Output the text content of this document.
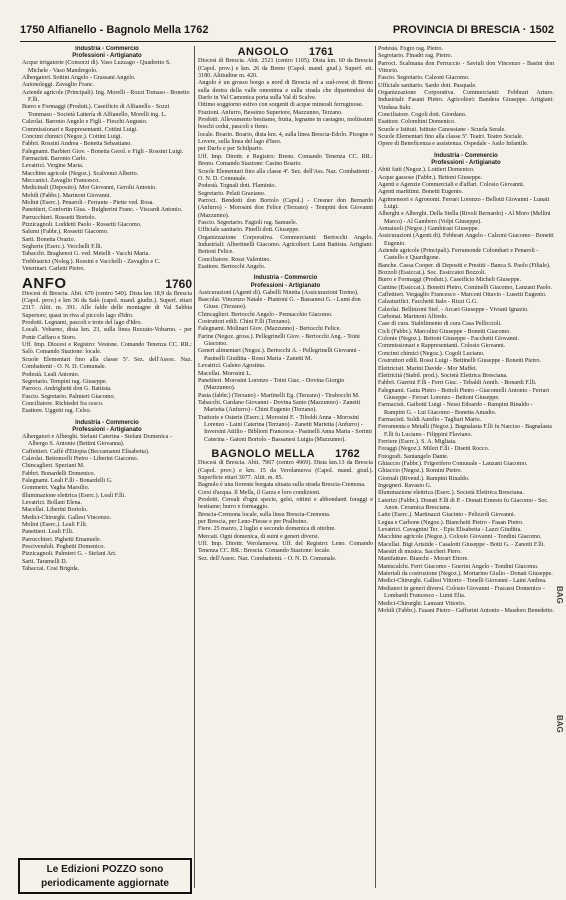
1750 Alfianello - Bagnolo Mella 1762	PROVINCIA DI BRESCIA · 1502
Industria - Commercio
Professioni - Artigianato
Acque irrigatorie (Consorzi di). Vaso Luzzago - Quadretto S. Michele - Vaso Mandregolo.
Albergatori. Sottini Angelo - Grassani Angelo.
Autonoleggi. Zavaglio Franc.
Aziende agricole (Principali). Ing. Morelli - Rozzi Tomaso - Bonetto F.lli.
Burro e Formaggi (Produtt.). Caseificio di Alfianello - Sozzi Tommaso - Società Lattería di Alfianello, Morelli ing. L.
Calzolai. Baronio Angelo e Figli - Fieschi Augusto.
Commissionari e Rappresentanti. Cottini Luigi.
Concimi chimici (Negoz.). Cottini Luigi.
Fabbri. Rossini Andrea - Bonetta Sebastiano.
Falegnami. Barbieri Giov. - Bonetta Gerol. e Figli - Rossini Luigi.
Farmacisti. Baronio Carlo.
Levatrici. Vergine Maria.
Macchine agricole (Negoz.). Scalvenzi Alberto.
Meccanici. Zavaglio Francesco.
Medicinali (Deposito). Mor Giovanni, Gerolti Antonio.
Mobili (Fabbr.). Marinoni Giovanni.
Molini (Eserc.). Penaroli - Ferrante - Piette ved. Rosa.
Panettieri, Confortin Gisa. - Bulgherini Franc. - Viscardi Antonio.
Parrucchieri. Rossetti Bortolo.
Pizzicagnoli. Loddetti Paolo - Rossetti Giacomo.
Salumi (Fabbr.). Rossetti Giacomo.
Sarti. Bonetta Orazio.
Segherie (Eserc.). Vecchelli F.lli.
Tabacchi. Braghenoi G. ved. Metelli - Vacchi Maria.
Trebbiatrici (Noleg.). Rossini e Vacchelli - Zavaglio e C.
Veterinari. Carletti Pietro.
ANFO	1760
Diocesi di Brescia. Abit. 670 (centro 549). Dista km 18,9 da Brescia (Capol. prov.) e km 36 da Salò (capol. mand. giudiz.). Superf. ettari 2317. Altit. m. 391. Alle falde delle montagne di Val Sabbia Superiore, quasi in riva al piccolo lago d'Idro.
Prodotti. Legnami, pascoli e trote del lago d'Idro.
Locali. Vobarno, dista km. 23, sulla linea Rezzato-Vobarno. - per Ponte Caffaro e Storo.
Uff. Imp. Diocesi e Registro: Vestone. Comando Tenenza CC. RR.: Salò. Comando Stazione: locale.
Scuole Elementari fino alla classe 5ª. Sez. dell'Assoc. Naz. Combattenti - O. N. D. Comunale.
Podestà. Leali Antonio.
Segretario. Tempini rag. Giuseppe.
Parroco. Andrighetti don G. Battista.
Fascio. Segretario. Palmieri Giacomo.
Conciliatore. Richiedei fra cesco.
Esattore. Uggetti rag. Celso.
Industria - Commercio
Professioni - Artigianato
Albergatori e Alberghi. Stefani Caterina - Stefani Domenica - Albergo S. Antonio (Bettini Giovanna).
Caffettieri. Caffè d'Etiopia (Beccamanni Elisabetta).
Calzolai. Bettoncelli Pietro - Liberini Giacomo.
Chincaglieri. Speziani M.
Fabbri. Bonardelli Domenico.
Falegnami. Leali F.lli - Bonardelli G.
Gommetri. Vaglia Marsilio.
Illuminazione elettrica (Eserc.). Leali F.lli.
Levatrici. Bollani Elena.
Macellai. Liberini Bortolo.
Medici-Chirurghi. Gallesi Vincenzo.
Molini (Eserc.). Leali F.lli.
Panettieri. Leali F.lli.
Parrucchieri. Pighetti Emanuele.
Pescivendoli. Poghetti Domenico.
Pizzicagnoli. Palmieri G. - Stefani Art.
Sarti. Taramelli D.
Tabaccai. Cosi Brigida.
ANGOLO 1761
Diocesi di Brescia. Abit. 2521 (centro 1105). Dista km. 60 da Brescia (Capol. prov.) e km. 26 da Breno (Capol. mand. giud.). Superf. ett. 3180. Altitudine m. 420.
Angolo è un grosso borgo a nord di Brescia ed a sud-ovest di Breno sulla destra della valle omonima e sulla strada che dipartendosi da Darfo in Val Camonica porta sulla Val di Scalve.
Ottimo soggiorno estivo con sorgenti di acque minerali ferruginose.
Frazioni. Anfurro, Bessimo Superiore, Mazzunno, Terzano.
Prodotti. Allevamento bestiame, frutta, legname in castagno, moltissimi boschi cedui, pascoli e fieno.
locale. Boario. Boario, dista km. 4, sulla linea Brescia-Edolo. Pisogne o Lovere, sulla linea del lago d'Iseo.
per Darfo e per Schilpario.
Uff. Imp. Direttr. e Registro: Breno. Comando Tenenza CC. RR.: Breno. Comando Stazione: Casino Boario.
Scuole Elementari fino alla classe 4ª. Sez. dell'Ass. Naz. Combattenti - O. N. D. Comunale.
Podestà. Tognali dott. Flaminio.
Segretario. Pelati Graziano.
Parroci. Bendotti don Bortolo (Capol.) - Cresner don Bernardo (Anfurro) - Morosini don Felice (Terzano) - Tempini don Giovanni (Mazzunno).
Fascio. Segretario. Fagioli rag. Samuele.
Ufficiale sanitario. Pinelli dott. Giuseppe.
Organizzazione Corporativa. Commercianti: Bertocchi Angelo. Industriali: Albertinelli Giacomo. Agricoltori: Laini Battista. Artigiani: Bettoni Felice.
Conciliatore. Rossi Valentino.
Esattore. Bertocchi Angelo.
Industria - Commercio
Professioni - Artigianato
Assicurazioni (Agenti di). Gabelli Ninetta (Assicurazioni Torino).
Bascolai. Vincenzo Natale - Piantoni G. - Bassanesi G. - Lumi don Giuse. (Terzano).
Chincaglieri. Bertocchi Angelo - Pennacchio Giacomo.
Costruttori edili. Chini F.lli (Terzano).
Falegnami. Molinari Giov. (Mazzunno) - Bertocchi Felice.
Farine (Negoz. gross.). Pellegrinelli Giov. - Bertocchi Ang. - Toini Giacomo.
Generi alimentari (Negoz.). Bertocchi A. - Pellegrinelli Giovanni - Pasinelli Giuditta - Rossi Maria - Zanetti M.
Levatrici. Galeno Agostina.
Macellai. Morosini L.
Panettieri. Morosini Lorenzo - Toini Giac. - Dovina Giorgio (Mazzunno).
Pasta (fabbr.) (Terzano) - Martinelli Eg. (Terzano) - Tirabocchi M.
Tabacchi. Gardano Giovanni - Dovina Santo (Mazzunno) - Zanetti Marietta (Anfurro) - Chini Eugenio (Terzano).
Trattorie e Osterie (Eserc.). Morosini F. - Tiboldi Anna - Morosini Lorenzo - Laini Caterina (Terzano) - Zanetti Marietta (Anfurro) - Inversini Attilio - Biblioni Francesca - Pasinelli Anna Maria - Sorimi Caterina - Gaioni Bortolo - Bassanesi Luigia (Mazzunno).
BAGNOLO MELLA 1762
Diocesi di Brescia. Abit. 7967 (centro 4969). Dista km.13 da Brescia (Capol. prov.) e km. 15 da Verolanuova (Capol. mand. giud.). Superficie ettari 3077. Altit. m. 85.
Bagnolo è una fiorente borgata situata sulla strada Brescia-Cremona.
Corsi d'acqua. Il Mella, il Garza e loro condizioni.
Prodotti. Cereali d'ogni specie, gelsi, ottimi e abbondanti foraggi e bestiame; burro e formaggio.
Brescia-Cremona locale, sulla linea Brescia-Cremona.
per Brescia, per Leno-Fiesse e per Pralboino.
Fiere. 25 marzo, 2 luglio e secondo domenica di ottobre.
Mercati. Ogni domenica, di suini e generi diversi.
Uff. Imp. Direttr. Verolanuova. Uff. del Registro: Leno. Comando Tenenza CC. RR.: Brescia. Comando Stazione: locale.
Sez. dell'Assoc. Naz. Combattenti. - O. N. D. Comunale.
Podestà. Fogro rag. Pietro.
Segretario. Finadri rag. Pietro.
Parroci. Scalmana don Ferruccio - Saviuli don Vincenzo - Basini don Vittorio.
Fascio. Segretario. Calzoni Giacomo.
Ufficiale sanitario. Sardo dott. Pasquale.
Organizzazione Corporativa. Commercianti: Febbrari Arturo. Industriali: Fasani Pietro. Agricoltori: Bandera Giuseppe. Artigiani: Vindasa Italo.
Conciliatore. Cogoli dott. Giordano.
Esattore. Colombini Domenico.
Scuole e Istituti. Istituto Canossiane - Scuola Serale.
Scuole Elementari fino alla classe 5ª. Teatri. Teatro Sociale.
Opere di Beneficenza e assistenza. Ospedale - Asilo Infantile.
Industria - Commercio
Professioni - Artigianato
Abiti fatti (Negoz.). Lottieri Domenico.
Acque gassose (Fabbr.). Bettoni Giuseppe.
Agenti e Agenzie Commerciali e d'affari. Colosio Giovanni.
Agenti marittimi. Bonetti Eugenio.
Agrimensori e Agronomi. Ferrari Lorenzo - Bellotti Giovanni - Lunati Luigi.
Alberghi e Alberghi. Della Stella (Rivoli Bernardo) - Al Moro (Mellini Marco) - Al Gambero (Volpi Giuseppe).
Armaiuoli (Negoz.) Gambirasi Giuseppe.
Assicurazioni (Agenti di). Febbrari Angelo - Calzoni Giacomo - Bonetti Eugenio.
Aziende agricole (Principali). Ferramonde Colombari e Penaroli - Castello e Quardigone.
Banche. Cassa Cooper. di Depositi e Prestiti - Banca S. Paolo (Filiale).
Bozzoli (Essiccat.). Soc. Essiccatoi Bozzoli.
Burro e Formaggi (Produtt.). Caseificio Micheli Giuseppe.
Cantine (Essiccat.). Bonetti Pietro, Cominelli Giacomo, Lanzani Paolo.
Caffettieri. Vergaglio Francesco - Marconi Ottavio - Lusetti Eugenio.
Calzaturifici. Facchetti Italo - Rizzi G.G.
Calzolai. Bellinzoni Stef. - Arcari Giuseppe - Viviani Ignazio.
Carbonai. Marinoni Alfredo.
Case di cura. Stabilimento di cura Casa Pelliccioli.
Cicli (Fabbr.). Marcolini Giuseppe - Bonetti Giacomo.
Colonie (Negoz.). Bettoni Giuseppe - Facchetti Giovanni.
Commissionari e Rappresentanti. Colosio Giovanni.
Concimi chimici (Negoz.). Cogoli Luciano.
Costruttori edili. Rossi Luigi - Bettinelli Giuseppe - Bonetti Pietro.
Elettricisti. Marini Davide - Mor Maffei.
Elettricità (Stabil. prod.). Società Elettrica Bresciana.
Fabbri. Guerini F.lli - Ferri Giac. - Tebaldi Annib. - Bonardi F.lli.
Falegnami. Gatta Pietro - Bottoli Pietro - Giacomelli Antonio - Ferrari Giuseppe - Ferrari Lorenzo - Bettoni Giuseppe.
Farmacisti. Gaibotti Luigi - Nessi Edoardo - Rampini Rinaldo - Rampini G. - Lui Giacomo - Bonetta Amadio.
Farmacisti. Soldi Aurelio - Tagliari Mario.
Ferramenta e Metalli (Negoz.). Bagnalasta F.lli fu Narciso - Bagnalasta F.lli fu Luciano - Filippini Flaviano.
Ferriere (Eserc.). S. A. Migliata.
Foraggi (Negoz.). Mileri F.lli - Disetti Rocco.
Fotografi. Santangelo Dante.
Ghiaccio (Fabbr.). Frigorifero Comunale - Lanzani Giacomo.
Ghiaccio (Negoz.). Romini Pietro.
Giornali (Rivend.). Rampini Rinaldo.
Ingegneri. Ravasio G.
Illuminazione elettrica (Eserc.). Società Elettrica Bresciana.
Laterizi (Fabbr.). Donati F.lli di P. - Donati Ernesto fu Giacomo - Soc. Anon. Ceramica Bresciana.
Latte (Eserc.). Martinazzi Giacinto - Pelizzoli Giovanni.
Legna e Carbone (Negoz.). Bianchetti Pietro - Fasan Pietro.
Levatrici. Cavagnini Ter. - Epis Elisabetta - Lazzi Giuditta.
Macchine agricole (Negoz.). Colosio Giovanni - Tondini Giacomo.
Macellai. Bigi Aristide - Casalotti Giuseppe - Botti G. - Zanotti F.lli.
Maestri di musica. Saccheri Piero.
Manifatture. Bianchi - Morari Ettore.
Maniscalchi. Ferri Giacomo - Guerini Angelo - Tondini Giacomo.
Materiali da costruzione (Negoz.). Mortarino Giulio - Donati Giuseppe.
Medici-Chirurghi. Gallesi Vittorio - Tonelli Giovanni - Laini Andrea.
Mediatori in generi diversi. Colosio Giovanni - Fracassi Domenico - Lombardi Francesco - Lumi Elia.
Medici-Chirurghi. Lanzani Vittorio.
Mobili (Fabbr.). Fasani Pietro - Gaffurini Antonio - Masdoro Benedetto.
BAG
BAG
Le Edizioni POZZO sono
periodicamente aggiornate
